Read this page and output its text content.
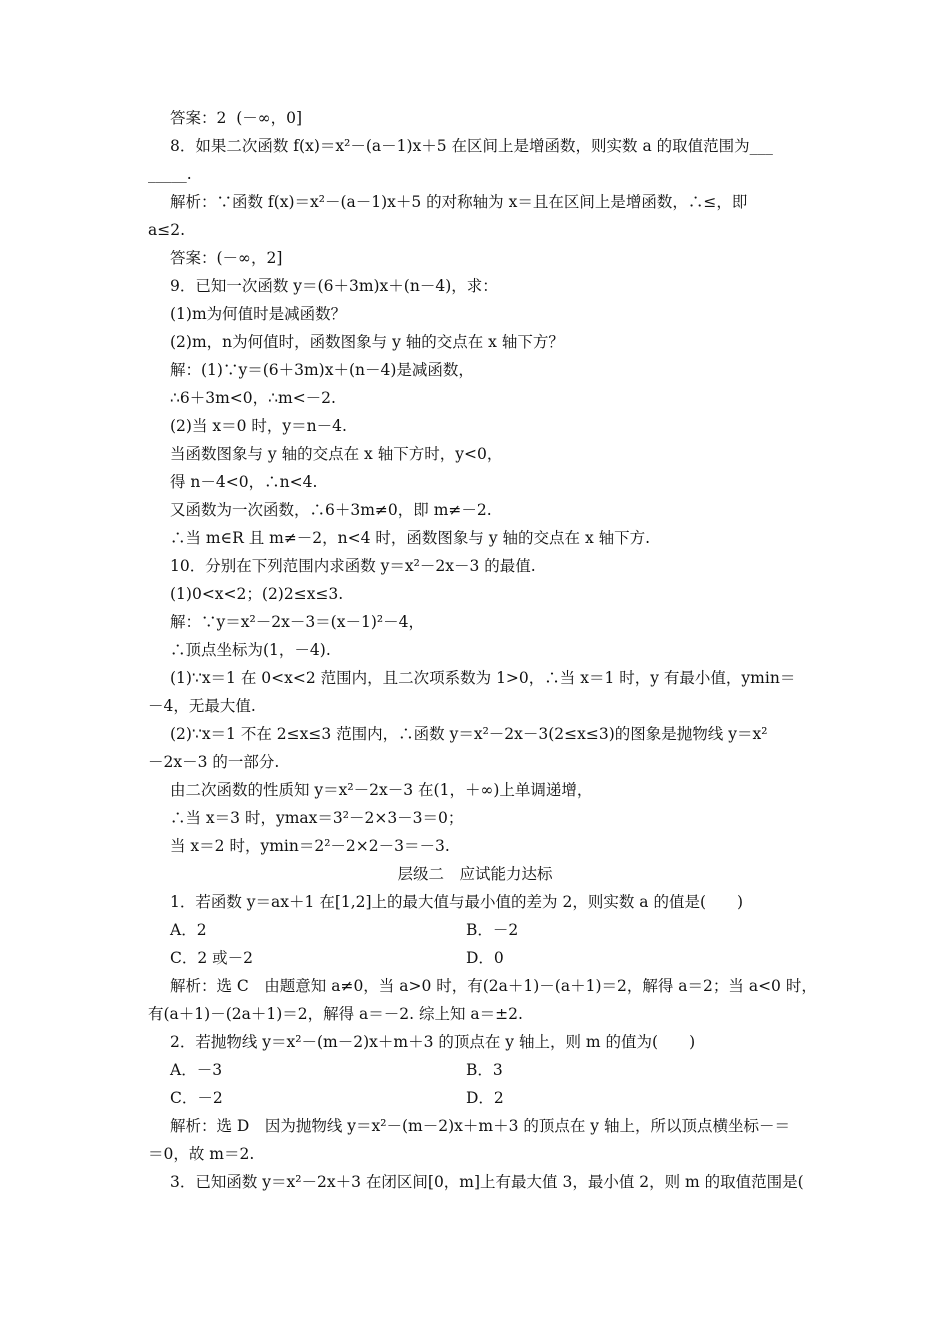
答案：2  (－∞，0]
8．如果二次函数 f(x)＝x²－(a－1)x＋5 在区间上是增函数，则实数 a 的取值范围为___
_____.
解析：∵函数 f(x)＝x²－(a－1)x＋5 的对称轴为 x＝且在区间上是增函数，∴≤，即
a≤2.
答案：(－∞，2]
9．已知一次函数 y＝(6＋3m)x＋(n－4)，求：
(1)m为何值时是减函数？
(2)m，n为何值时，函数图象与 y 轴的交点在 x 轴下方？
解：(1)∵y＝(6＋3m)x＋(n－4)是减函数，
∴6＋3m<0，∴m<－2.
(2)当 x＝0 时，y＝n－4.
当函数图象与 y 轴的交点在 x 轴下方时，y<0，
得 n－4<0，∴n<4.
又函数为一次函数，∴6＋3m≠0，即 m≠－2.
∴当 m∈R 且 m≠－2，n<4 时，函数图象与 y 轴的交点在 x 轴下方.
10．分别在下列范围内求函数 y＝x²－2x－3 的最值.
(1)0<x<2；(2)2≤x≤3.
解：∵y＝x²－2x－3＝(x－1)²－4，
∴顶点坐标为(1，－4).
(1)∵x＝1 在 0<x<2 范围内，且二次项系数为 1>0，∴当 x＝1 时，y 有最小值，ymin＝
－4，无最大值.
(2)∵x＝1 不在 2≤x≤3 范围内，∴函数 y＝x²－2x－3(2≤x≤3)的图象是抛物线 y＝x²
－2x－3 的一部分.
由二次函数的性质知 y＝x²－2x－3 在(1，＋∞)上单调递增，
∴当 x＝3 时，ymax＝3²－2×3－3＝0；
当 x＝2 时，ymin＝2²－2×2－3＝－3.
层级二　应试能力达标
1．若函数 y＝ax＋1 在[1,2]上的最大值与最小值的差为 2，则实数 a 的值是(　　)
A．2	B．－2
C．2 或－2	D．0
解析：选 C　由题意知 a≠0，当 a>0 时，有(2a＋1)－(a＋1)＝2，解得 a＝2；当 a<0 时，
有(a＋1)－(2a＋1)＝2，解得 a＝－2. 综上知 a＝±2.
2．若抛物线 y＝x²－(m－2)x＋m＋3 的顶点在 y 轴上，则 m 的值为(　　)
A．－3	B．3
C．－2	D．2
解析：选 D　因为抛物线 y＝x²－(m－2)x＋m＋3 的顶点在 y 轴上，所以顶点横坐标－＝
＝0，故 m＝2.
3．已知函数 y＝x²－2x＋3 在闭区间[0，m]上有最大值 3，最小值 2，则 m 的取值范围是(
